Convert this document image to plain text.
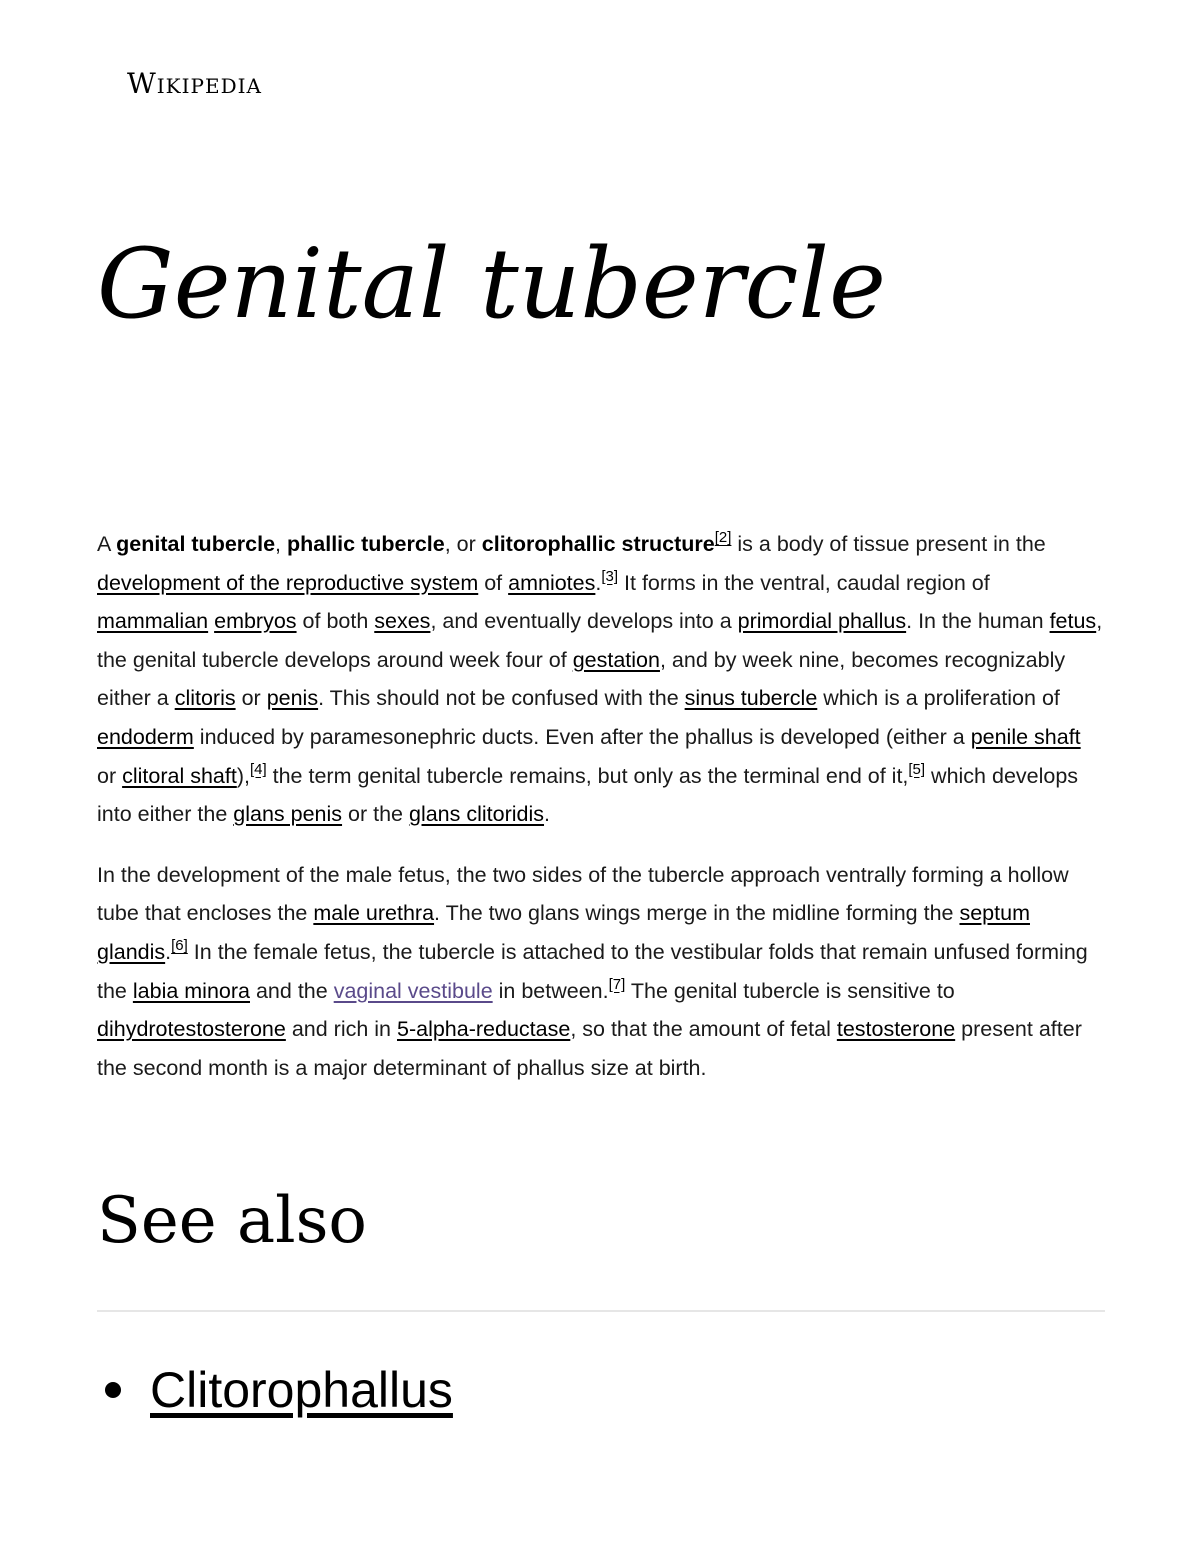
Wikipedia
Genital tubercle

A genital tubercle, phallic tubercle, or clitorophallic structure[2] is a body of tissue present in the development of the reproductive system of amniotes.[3] It forms in the ventral, caudal region of mammalian embryos of both sexes, and eventually develops into a primordial phallus. In the human fetus, the genital tubercle develops around week four of gestation, and by week nine, becomes recognizably either a clitoris or penis. This should not be confused with the sinus tubercle which is a proliferation of endoderm induced by paramesonephric ducts. Even after the phallus is developed (either a penile shaft or clitoral shaft),[4] the term genital tubercle remains, but only as the terminal end of it,[5] which develops into either the glans penis or the glans clitoridis.

In the development of the male fetus, the two sides of the tubercle approach ventrally forming a hollow tube that encloses the male urethra. The two glans wings merge in the midline forming the septum glandis.[6] In the female fetus, the tubercle is attached to the vestibular folds that remain unfused forming the labia minora and the vaginal vestibule in between.[7] The genital tubercle is sensitive to dihydrotestosterone and rich in 5-alpha-reductase, so that the amount of fetal testosterone present after the second month is a major determinant of phallus size at birth.

See also
Clitorophallus
